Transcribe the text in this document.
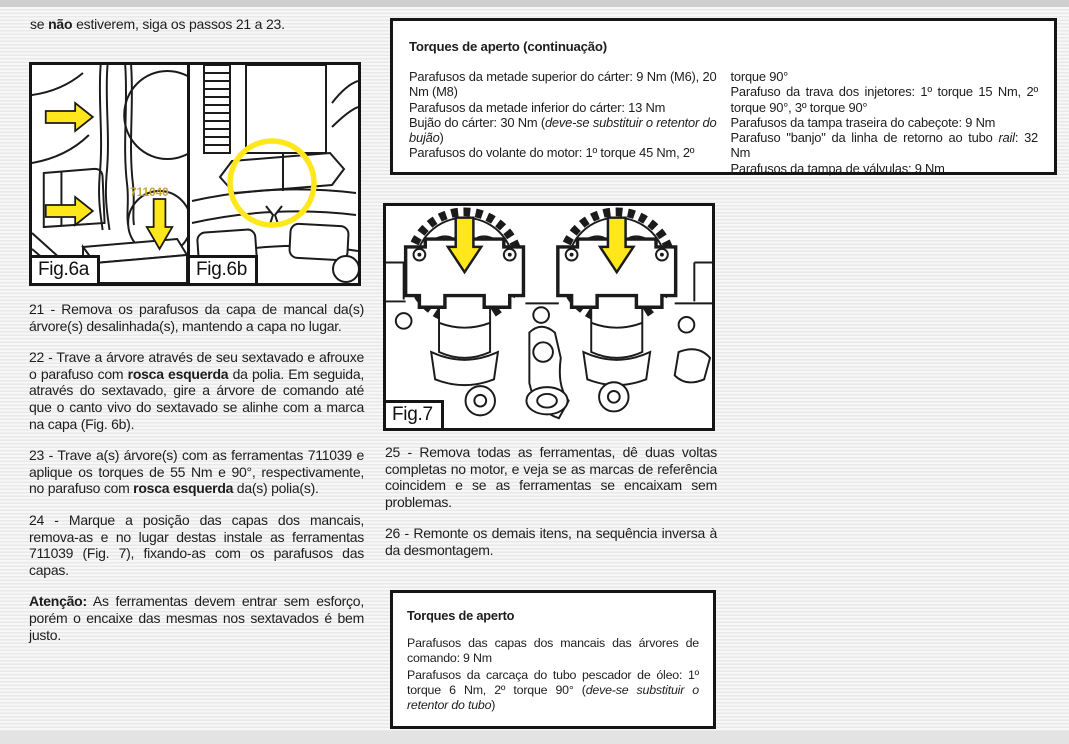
se não estiverem, siga os passos 21 a 23.

711040
Fig.6a	Fig.6b

21 - Remova os parafusos da capa de mancal da(s) árvore(s) desalinhada(s), mantendo a capa no lugar.

22 - Trave a árvore através de seu sextavado e afrouxe o parafuso com rosca esquerda da polia. Em seguida, através do sextavado, gire a árvore de comando até que o canto vivo do sextavado se alinhe com a marca na capa (Fig. 6b).

23 - Trave a(s) árvore(s) com as ferramentas 711039 e aplique os torques de 55 Nm e 90°, respectivamente, no parafuso com rosca esquerda da(s) polia(s).

24 - Marque a posição das capas dos mancais, remova-as e no lugar destas instale as ferramentas 711039 (Fig. 7), fixando-as com os parafusos das capas.

Atenção: As ferramentas devem entrar sem esforço, porém o encaixe das mesmas nos sextavados é bem justo.

Torques de aperto (continuação)

Parafusos da metade superior do cárter: 9 Nm (M6), 20 Nm (M8)

Parafusos da metade inferior do cárter: 13 Nm

Bujão do cárter: 30 Nm (deve-se substituir o retentor do bujão)

Parafusos do volante do motor: 1º torque 45 Nm, 2º

torque 90°

Parafuso da trava dos injetores: 1º torque 15 Nm, 2º torque 90°, 3º torque 90°

Parafusos da tampa traseira do cabeçote: 9 Nm

Parafuso "banjo" da linha de retorno ao tubo rail: 32 Nm

Parafusos da tampa de válvulas: 9 Nm

Fig.7

25 - Remova todas as ferramentas, dê duas voltas completas no motor, e veja se as marcas de referência coincidem e se as ferramentas se encaixam sem problemas.

26 - Remonte os demais itens, na sequência inversa à da desmontagem.

Torques de aperto

Parafusos das capas dos mancais das árvores de comando: 9 Nm

Parafusos da carcaça do tubo pescador de óleo: 1º torque 6 Nm, 2º torque 90° (deve-se substituir o retentor do tubo)
